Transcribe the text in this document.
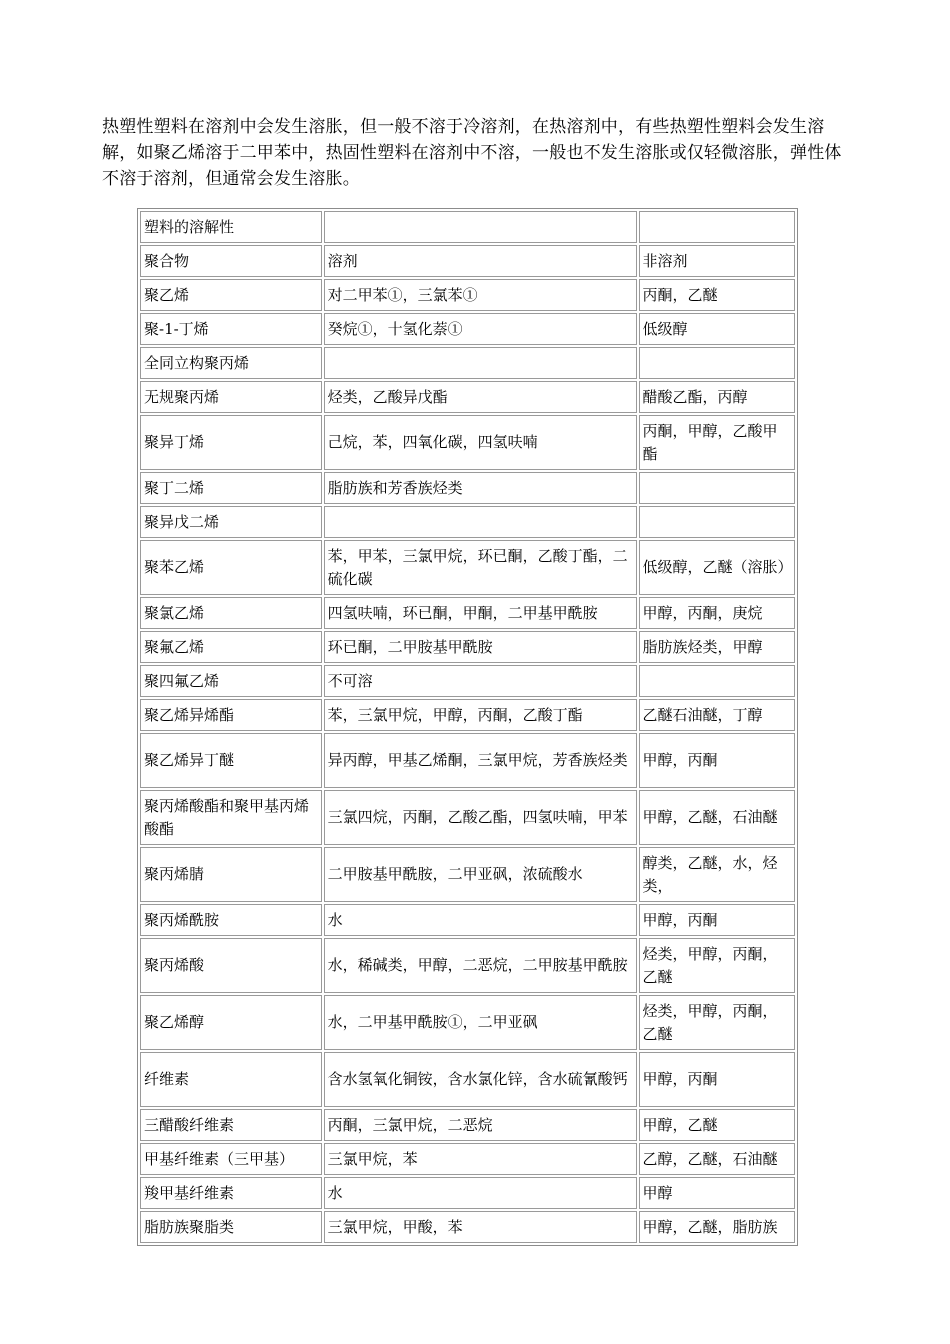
热塑性塑料在溶剂中会发生溶胀，但一般不溶于冷溶剂，在热溶剂中，有些热塑性塑料会发生溶解，如聚乙烯溶于二甲苯中，热固性塑料在溶剂中不溶，一般也不发生溶胀或仅轻微溶胀，弹性体不溶于溶剂，但通常会发生溶胀。

塑料的溶解性		
聚合物	溶剂	非溶剂
聚乙烯	对二甲苯①，三氯苯①	丙酮，乙醚
聚-1-丁烯	癸烷①，十氢化萘①	低级醇
全同立构聚丙烯		
无规聚丙烯	烃类，乙酸异戊酯	醋酸乙酯，丙醇
聚异丁烯	己烷，苯，四氧化碳，四氢呋喃	丙酮，甲醇，乙酸甲酯
聚丁二烯	脂肪族和芳香族烃类	
聚异戊二烯		
聚苯乙烯	苯，甲苯，三氯甲烷，环已酮，乙酸丁酯，二硫化碳	低级醇，乙醚（溶胀）
聚氯乙烯	四氢呋喃，环已酮，甲酮，二甲基甲酰胺	甲醇，丙酮，庚烷
聚氟乙烯	环已酮，二甲胺基甲酰胺	脂肪族烃类，甲醇
聚四氟乙烯	不可溶	
聚乙烯异烯酯	苯，三氯甲烷，甲醇，丙酮，乙酸丁酯	乙醚石油醚，丁醇
聚乙烯异丁醚	异丙醇，甲基乙烯酮，三氯甲烷，芳香族烃类	甲醇，丙酮
聚丙烯酸酯和聚甲基丙烯酸酯	三氯四烷，丙酮，乙酸乙酯，四氢呋喃，甲苯	甲醇，乙醚，石油醚
聚丙烯腈	二甲胺基甲酰胺，二甲亚砜，浓硫酸水	醇类，乙醚，水，烃类，
聚丙烯酰胺	水	甲醇，丙酮
聚丙烯酸	水，稀碱类，甲醇，二恶烷，二甲胺基甲酰胺	烃类，甲醇，丙酮，乙醚
聚乙烯醇	水，二甲基甲酰胺①，二甲亚砜	烃类，甲醇，丙酮，乙醚
纤维素	含水氢氧化铜铵，含水氯化锌，含水硫氰酸钙	甲醇，丙酮
三醋酸纤维素	丙酮，三氯甲烷，二恶烷	甲醇，乙醚
甲基纤维素（三甲基）	三氯甲烷，苯	乙醇，乙醚，石油醚
羧甲基纤维素	水	甲醇
脂肪族聚脂类	三氯甲烷，甲酸，苯	甲醇，乙醚，脂肪族
